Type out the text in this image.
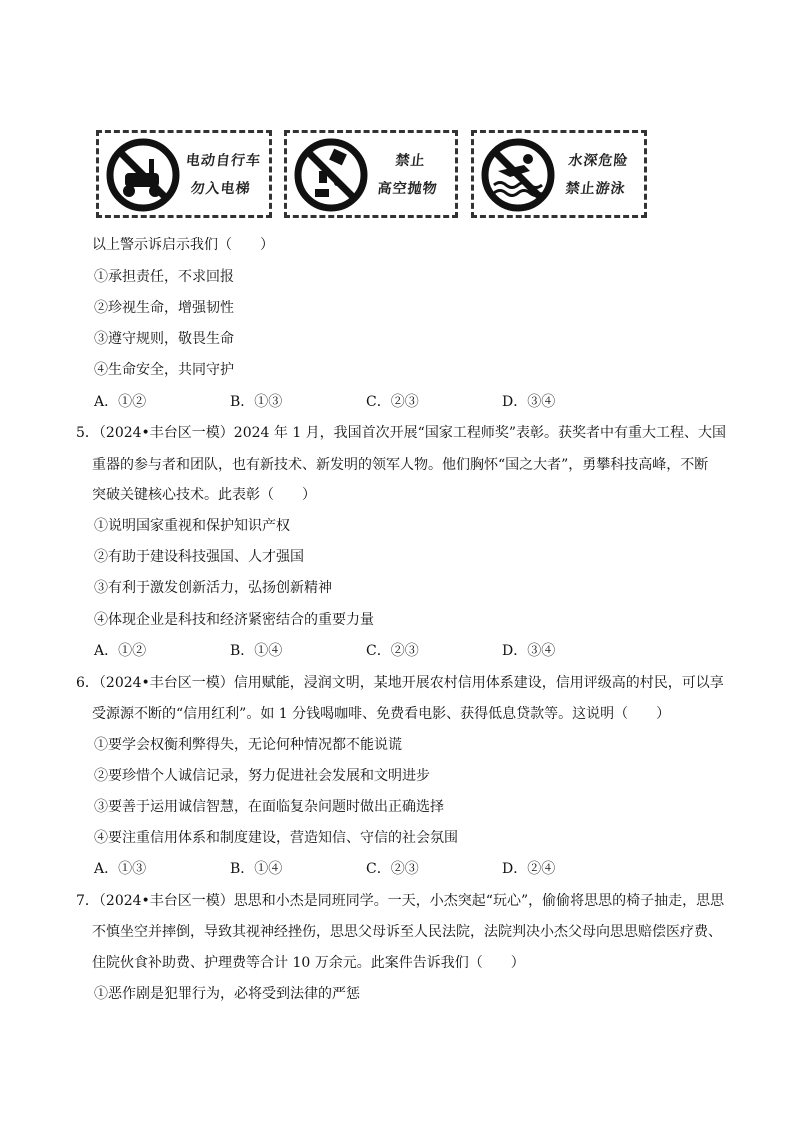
电动自行车
勿入电梯
禁止
高空抛物
水深危险
禁止游泳
以上警示诉启示我们（　　）
①承担责任，不求回报
②珍视生命，增强韧性
③遵守规则，敬畏生命
④生命安全，共同守护
A．①②	B．①③	C．②③	D．③④
5．（2024•丰台区一模）2024 年 1 月，我国首次开展“国家工程师奖”表彰。获奖者中有重大工程、大国
重器的参与者和团队，也有新技术、新发明的领军人物。他们胸怀“国之大者”，勇攀科技高峰，不断
突破关键核心技术。此表彰（　　）
①说明国家重视和保护知识产权
②有助于建设科技强国、人才强国
③有利于激发创新活力，弘扬创新精神
④体现企业是科技和经济紧密结合的重要力量
A．①②	B．①④	C．②③	D．③④
6．（2024•丰台区一模）信用赋能，浸润文明，某地开展农村信用体系建设，信用评级高的村民，可以享
受源源不断的“信用红利”。如 1 分钱喝咖啡、免费看电影、获得低息贷款等。这说明（　　）
①要学会权衡利弊得失，无论何种情况都不能说谎
②要珍惜个人诚信记录，努力促进社会发展和文明进步
③要善于运用诚信智慧，在面临复杂问题时做出正确选择
④要注重信用体系和制度建设，营造知信、守信的社会氛围
A．①③	B．①④	C．②③	D．②④
7．（2024•丰台区一模）思思和小杰是同班同学。一天，小杰突起“玩心”，偷偷将思思的椅子抽走，思思
不慎坐空并摔倒，导致其视神经挫伤，思思父母诉至人民法院，法院判决小杰父母向思思赔偿医疗费、
住院伙食补助费、护理费等合计 10 万余元。此案件告诉我们（　　）
①恶作剧是犯罪行为，必将受到法律的严惩
